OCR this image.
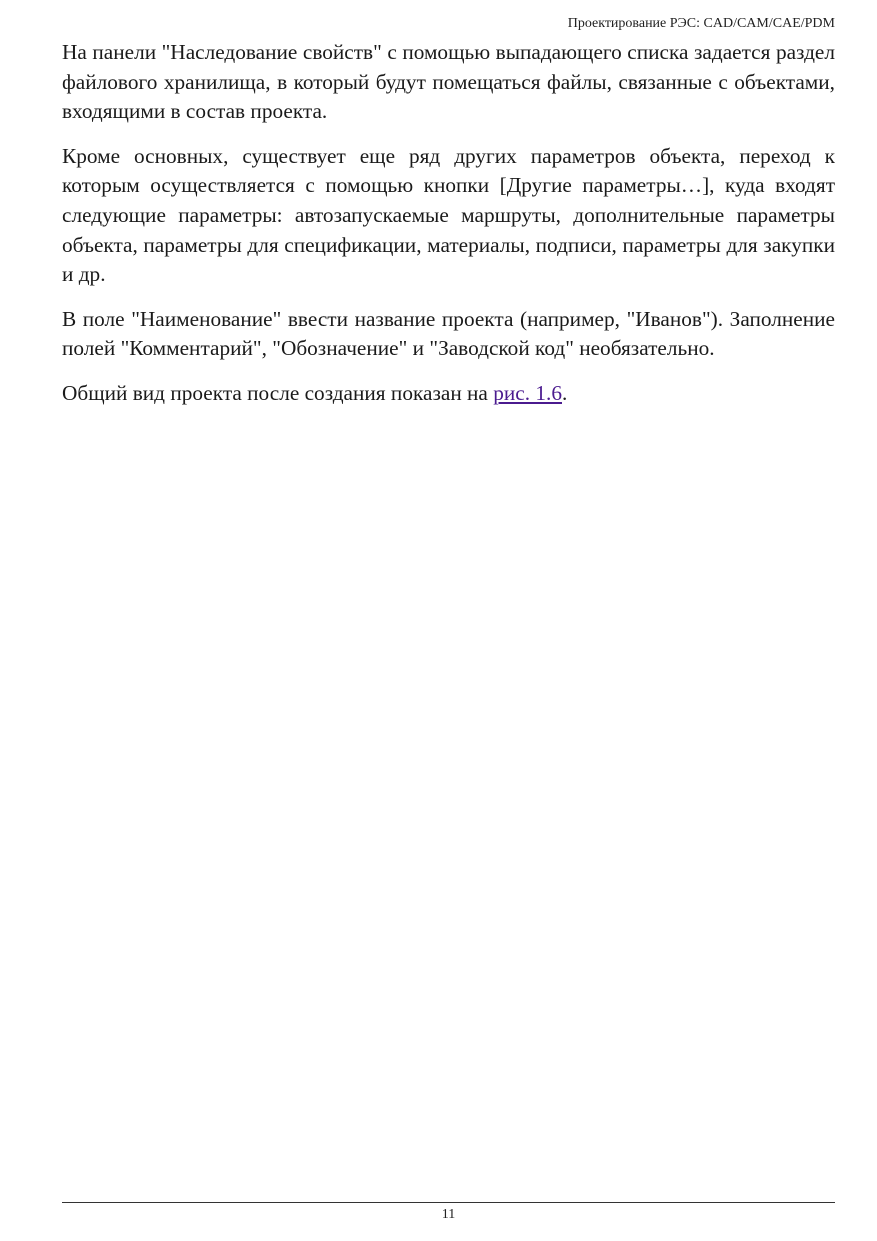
Проектирование РЭС: CAD/CAM/CAE/PDM

На панели "Наследование свойств" с помощью выпадающего списка задается раздел файлового хранилища, в который будут помещаться файлы, связанные с объектами, входящими в состав проекта.

Кроме основных, существует еще ряд других параметров объекта, переход к которым осуществляется с помощью кнопки [Другие параметры…], куда входят следующие параметры: автозапускаемые маршруты, дополнительные параметры объекта, параметры для спецификации, материалы, подписи, параметры для закупки и др.

В поле "Наименование" ввести название проекта (например, "Иванов"). Заполнение полей "Комментарий", "Обозначение" и "Заводской код" необязательно.

Общий вид проекта после создания показан на рис. 1.6.

11
